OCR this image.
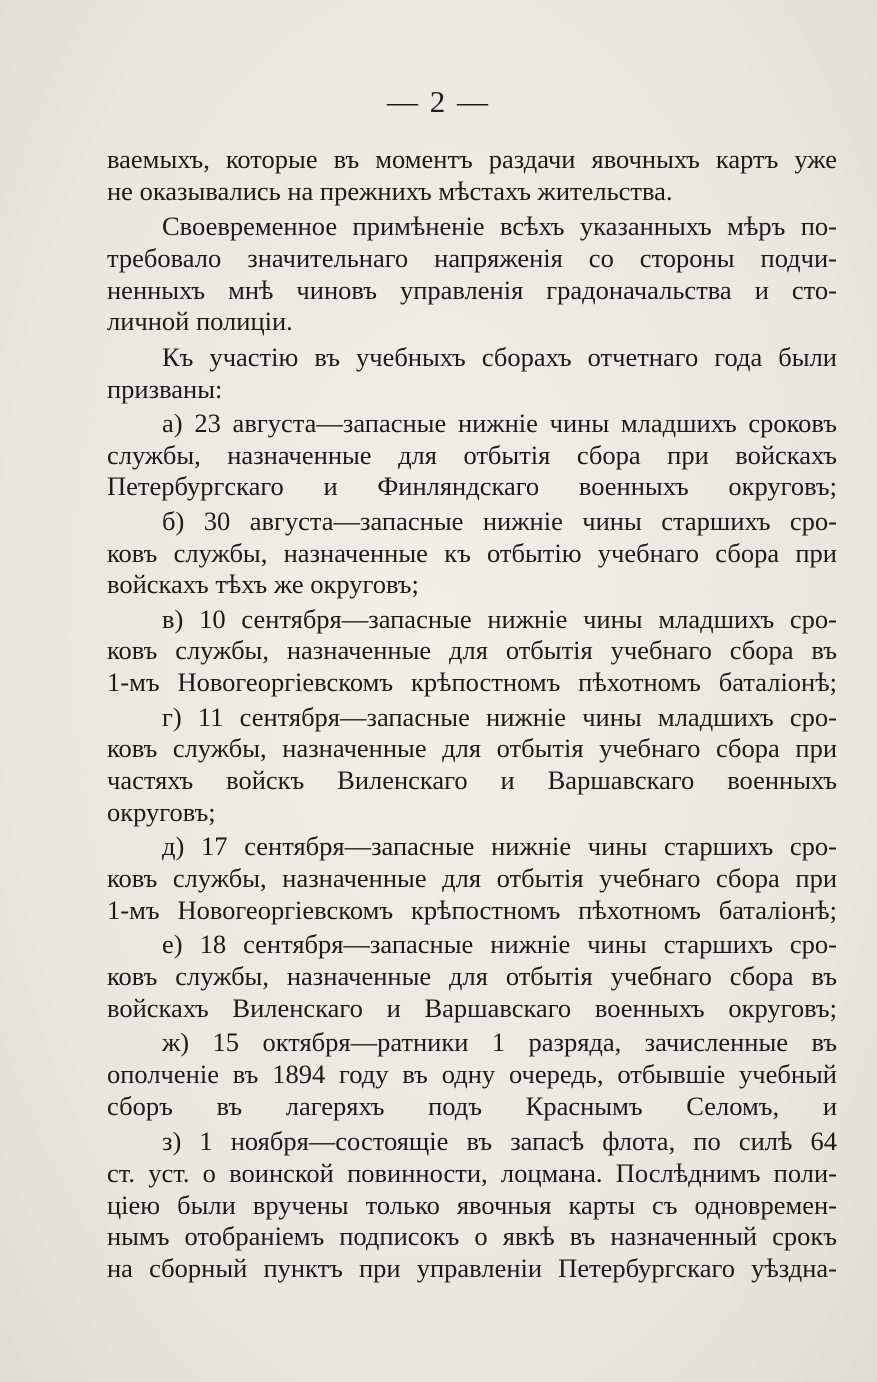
— 2 —
ваемыхъ, которые въ моментъ раздачи явочныхъ картъ уже
не оказывались на прежнихъ мѣстахъ жительства.
Своевременное примѣненіе всѣхъ указанныхъ мѣръ по-
требовало значительнаго напряженія со стороны подчи-
ненныхъ мнѣ чиновъ управленія градоначальства и сто-
личной полиціи.
Къ участію въ учебныхъ сборахъ отчетнаго года были
призваны:
а) 23 августа—запасные нижніе чины младшихъ сроковъ
службы, назначенные для отбытія сбора при войскахъ
Петербургскаго и Финляндскаго военныхъ округовъ;
б) 30 августа—запасные нижніе чины старшихъ сро-
ковъ службы, назначенные къ отбытію учебнаго сбора при
войскахъ тѣхъ же округовъ;
в) 10 сентября—запасные нижніе чины младшихъ сро-
ковъ службы, назначенные для отбытія учебнаго сбора въ
1-мъ Новогеоргіевскомъ крѣпостномъ пѣхотномъ баталіонѣ;
г) 11 сентября—запасные нижніе чины младшихъ сро-
ковъ службы, назначенные для отбытія учебнаго сбора при
частяхъ войскъ Виленскаго и Варшавскаго военныхъ
округовъ;
д) 17 сентября—запасные нижніе чины старшихъ сро-
ковъ службы, назначенные для отбытія учебнаго сбора при
1-мъ Новогеоргіевскомъ крѣпостномъ пѣхотномъ баталіонѣ;
е) 18 сентября—запасные нижніе чины старшихъ сро-
ковъ службы, назначенные для отбытія учебнаго сбора въ
войскахъ Виленскаго и Варшавскаго военныхъ округовъ;
ж) 15 октября—ратники 1 разряда, зачисленные въ
ополченіе въ 1894 году въ одну очередь, отбывшіе учебный
сборъ въ лагеряхъ подъ Краснымъ Селомъ, и
з) 1 ноября—состоящіе въ запасѣ флота, по силѣ 64
ст. уст. о воинской повинности, лоцмана. Послѣднимъ поли-
ціею были вручены только явочныя карты съ одновремен-
нымъ отобраніемъ подписокъ о явкѣ въ назначенный срокъ
на сборный пунктъ при управленіи Петербургскаго уѣздна-
